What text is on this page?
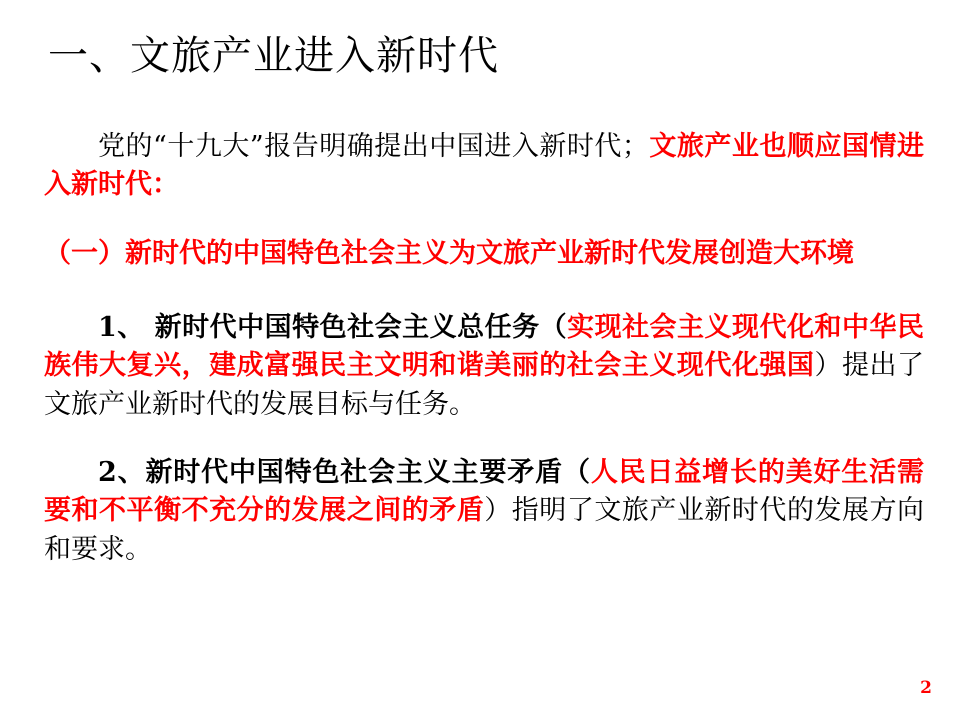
一、文旅产业进入新时代

党的“十九大”报告明确提出中国进入新时代；文旅产业也顺应国情进入新时代：

（一）新时代的中国特色社会主义为文旅产业新时代发展创造大环境

1、 新时代中国特色社会主义总任务（实现社会主义现代化和中华民族伟大复兴，建成富强民主文明和谐美丽的社会主义现代化强国）提出了文旅产业新时代的发展目标与任务。

2、新时代中国特色社会主义主要矛盾（人民日益增长的美好生活需要和不平衡不充分的发展之间的矛盾）指明了文旅产业新时代的发展方向和要求。

2
